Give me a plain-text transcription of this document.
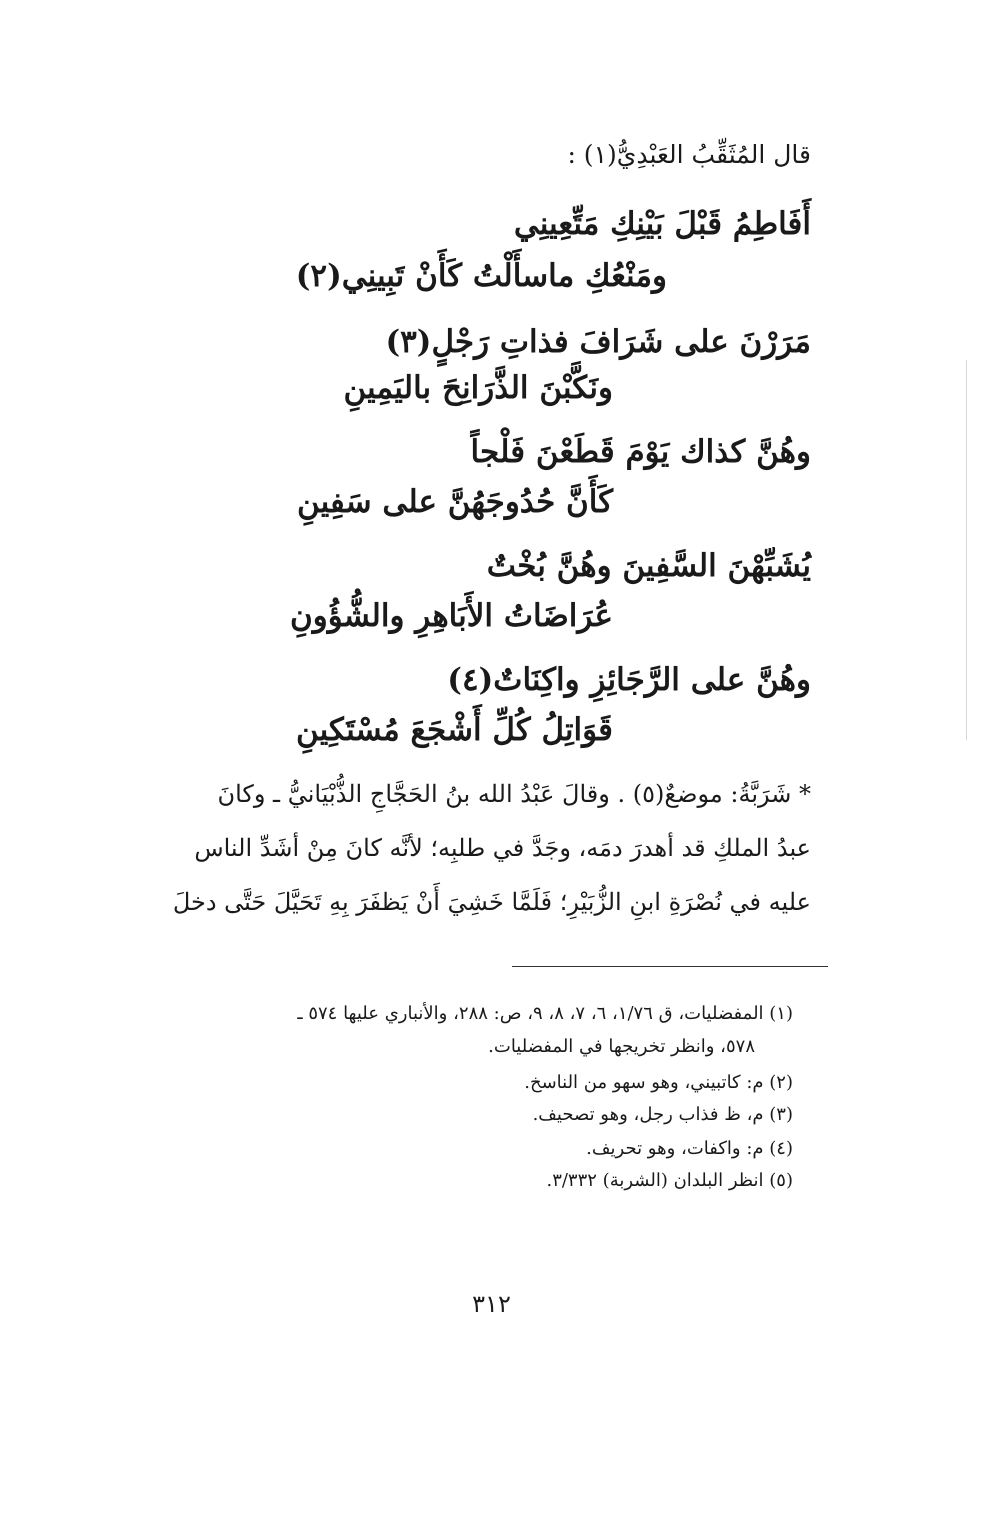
قال المُثَقِّبُ العَبْدِيُّ(١) :
أَفَاطِمُ قَبْلَ بَيْنِكِ مَتِّعِينِي
ومَنْعُكِ ماسأَلْتُ كَأَنْ تَبِينِي(٢)
مَرَرْنَ على شَرَافَ فذاتِ رَجْلٍ(٣)
ونَكَّبْنَ الذَّرَانِحَ باليَمِينِ
وهُنَّ كذاك يَوْمَ قَطَعْنَ فَلْجاً
كَأَنَّ حُدُوجَهُنَّ على سَفِينِ
يُشَبِّهْنَ السَّفِينَ وهُنَّ بُخْتٌ
عُرَاضَاتُ الأَبَاهِرِ والشُّؤُونِ
وهُنَّ على الرَّجَائِزِ واكِنَاتٌ(٤)
قَوَاتِلُ كُلِّ أَشْجَعَ مُسْتَكِينِ
* شَرَبَّةُ: موضعٌ(٥) . وقالَ عَبْدُ الله بنُ الحَجَّاجِ الذُّبْيَانيُّ ـ وكانَ
عبدُ الملكِ قد أهدرَ دمَه، وجَدَّ في طلبِه؛ لأنَّه كانَ مِنْ أشَدِّ الناس
عليه في نُصْرَةِ ابنِ الزُّبَيْرِ؛ فَلَمَّا خَشِيَ أَنْ يَظفَرَ بِهِ تَحَيَّلَ حَتَّى دخلَ
(١) المفضليات، ق ١/٧٦، ٦، ٧، ٨، ٩، ص: ٢٨٨، والأنباري عليها ٥٧٤ ـ
٥٧٨، وانظر تخريجها في المفضليات.
(٢) م: كاتبيني، وهو سهو من الناسخ.
(٣) م، ظ فذاب رجل، وهو تصحيف.
(٤) م: واكفات، وهو تحريف.
(٥) انظر البلدان (الشربة) ٣/٣٣٢.
٣١٢
